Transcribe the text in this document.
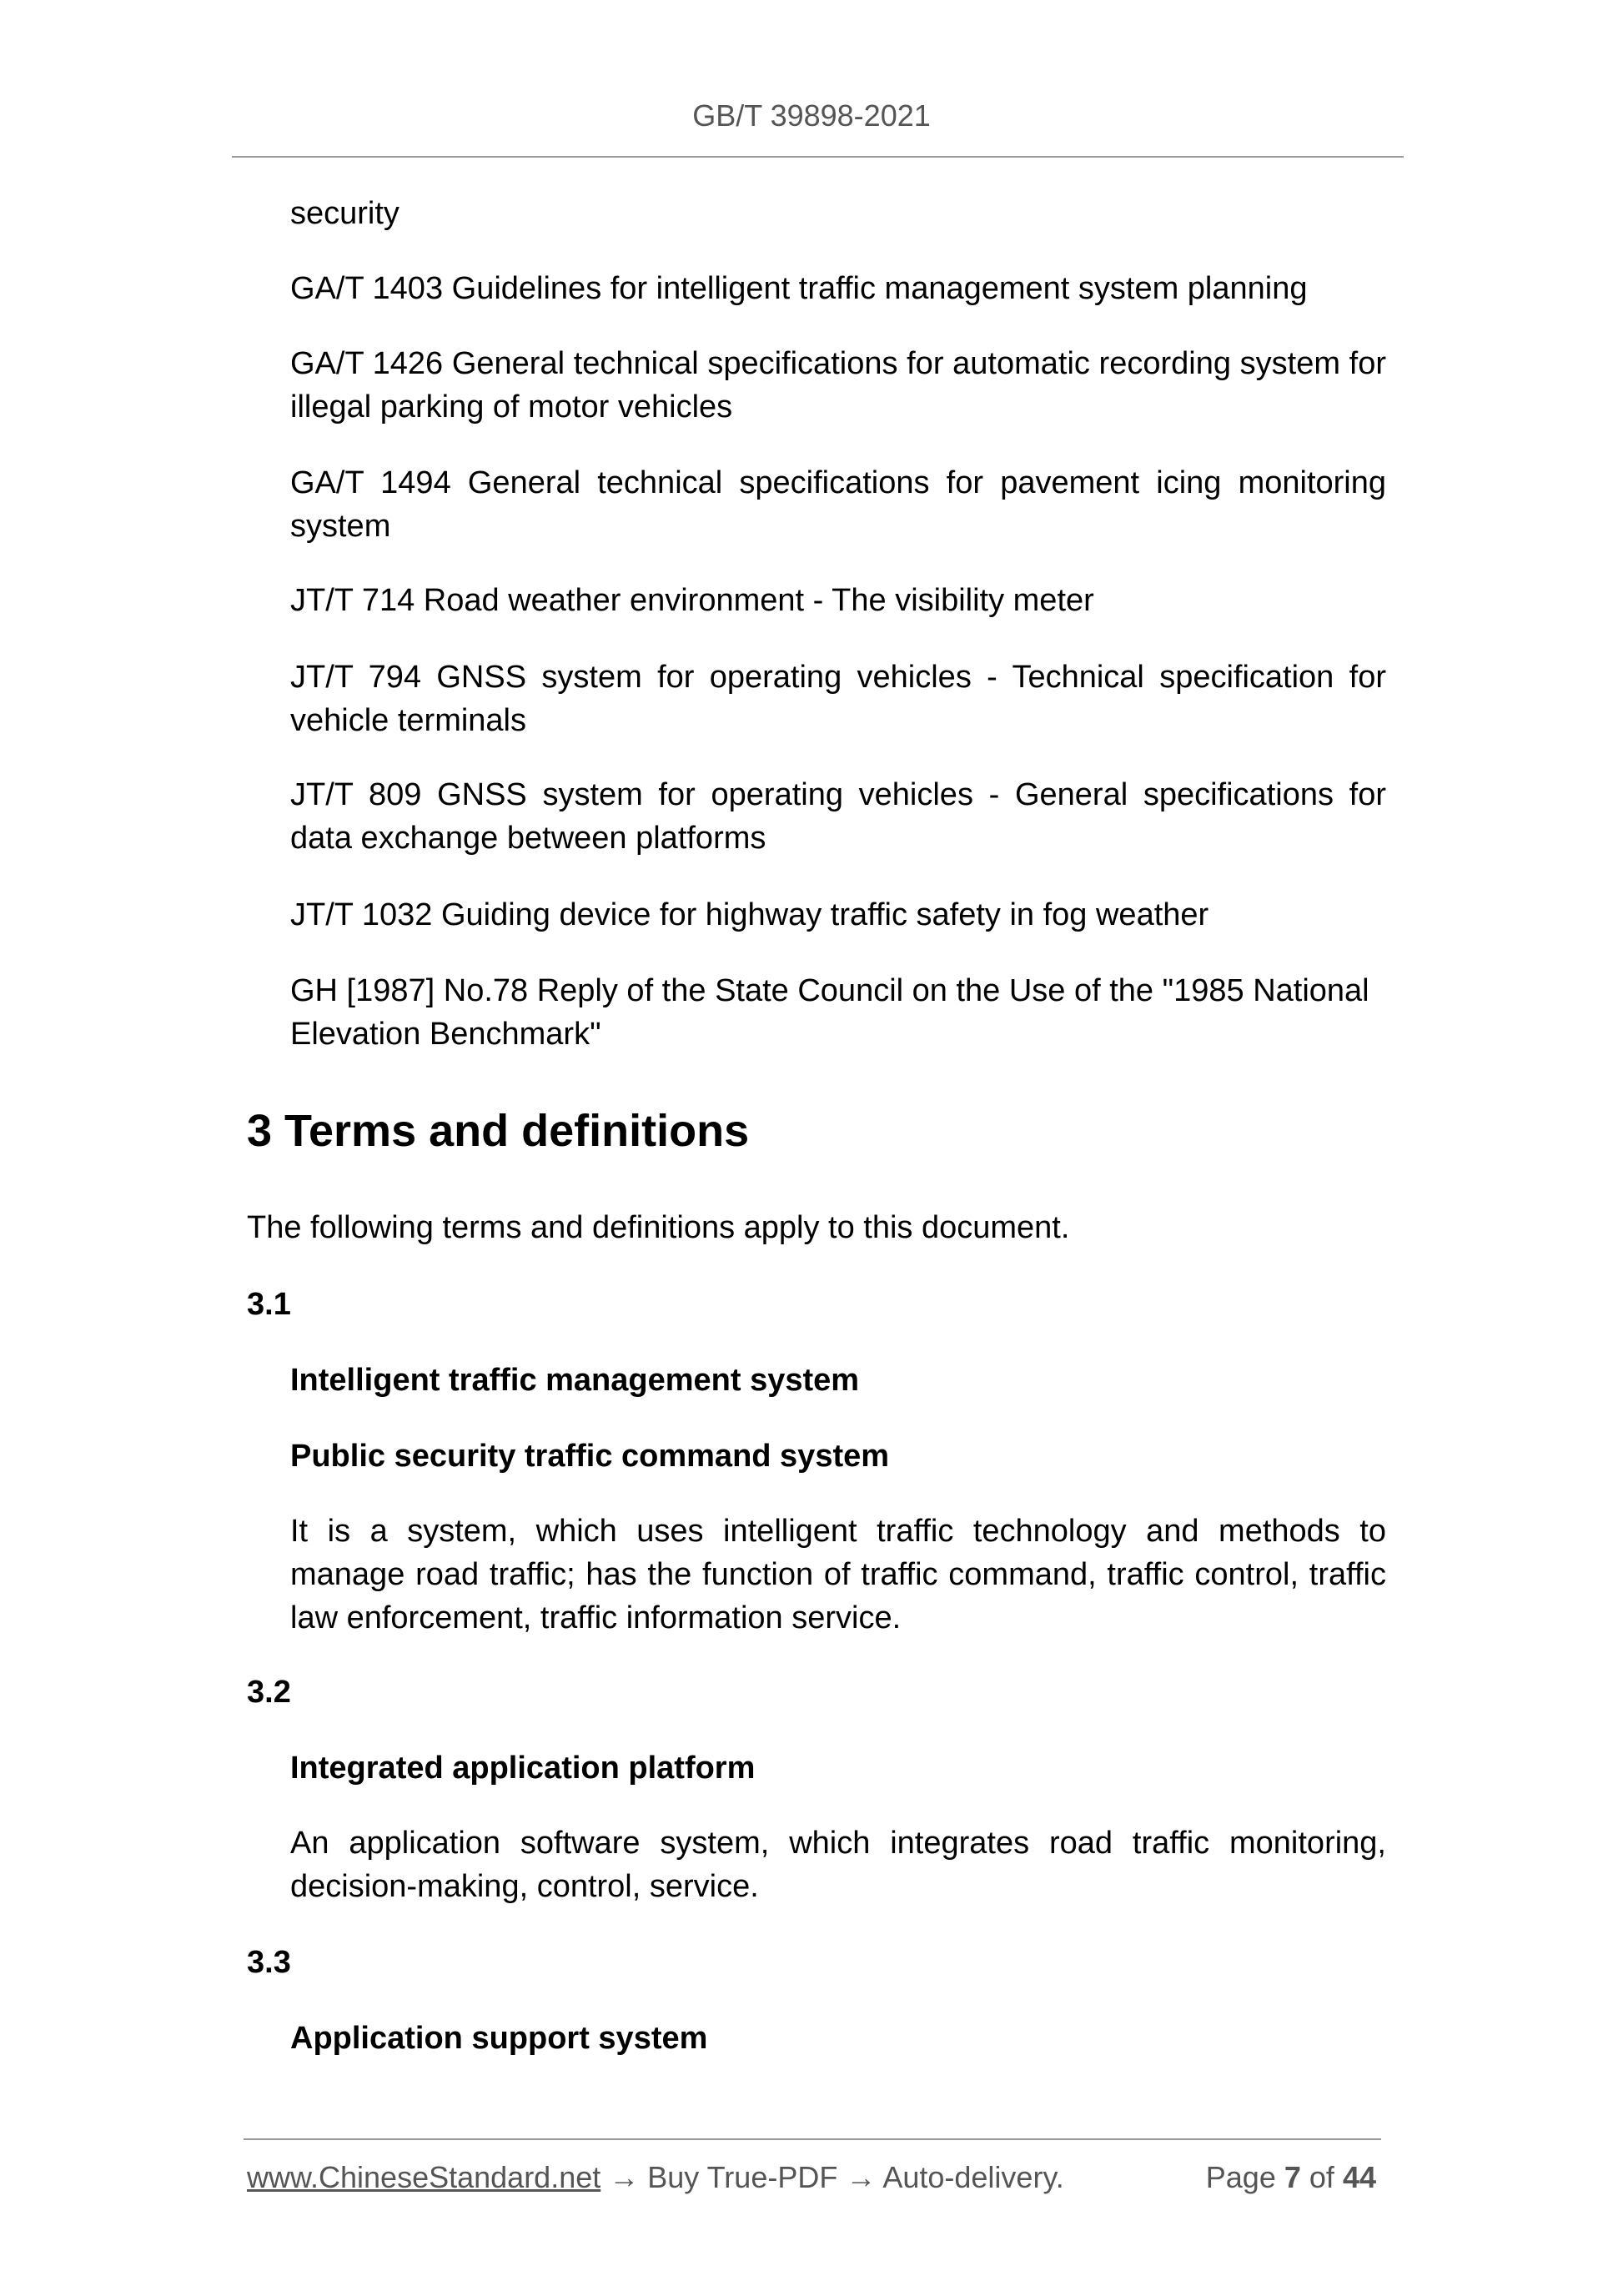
GB/T 39898-2021
security
GA/T 1403 Guidelines for intelligent traffic management system planning
GA/T 1426 General technical specifications for automatic recording system for illegal parking of motor vehicles
GA/T 1494 General technical specifications for pavement icing monitoring system
JT/T 714 Road weather environment - The visibility meter
JT/T 794 GNSS system for operating vehicles - Technical specification for vehicle terminals
JT/T 809 GNSS system for operating vehicles - General specifications for data exchange between platforms
JT/T 1032 Guiding device for highway traffic safety in fog weather
GH [1987] No.78 Reply of the State Council on the Use of the "1985 National Elevation Benchmark"
3 Terms and definitions
The following terms and definitions apply to this document.
3.1
Intelligent traffic management system
Public security traffic command system
It is a system, which uses intelligent traffic technology and methods to manage road traffic; has the function of traffic command, traffic control, traffic law enforcement, traffic information service.
3.2
Integrated application platform
An application software system, which integrates road traffic monitoring, decision-making, control, service.
3.3
Application support system
www.ChineseStandard.net → Buy True-PDF → Auto-delivery.	Page 7 of 44
